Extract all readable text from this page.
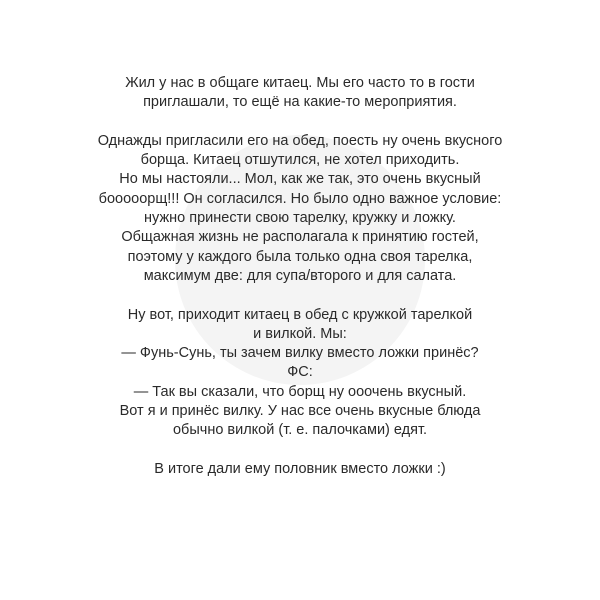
Жил у нас в общаге китаец. Мы его часто то в гости
приглашали, то ещё на какие-то мероприятия.

Однажды пригласили его на обед, поесть ну очень вкусного
борща. Китаец отшутился, не хотел приходить.
Но мы настояли... Мол, как же так, это очень вкусный
бооооорщ!!! Он согласился. Но было одно важное условие:
нужно принести свою тарелку, кружку и ложку.
Общажная жизнь не располагала к принятию гостей,
поэтому у каждого была только одна своя тарелка,
максимум две: для супа/второго и для салата.

Ну вот, приходит китаец в обед с кружкой тарелкой
и вилкой. Мы:
— Фунь-Сунь, ты зачем вилку вместо ложки принёс?
ФС:
— Так вы сказали, что борщ ну ооочень вкусный.
Вот я и принёс вилку. У нас все очень вкусные блюда
обычно вилкой (т. е. палочками) едят.

В итоге дали ему половник вместо ложки :)
